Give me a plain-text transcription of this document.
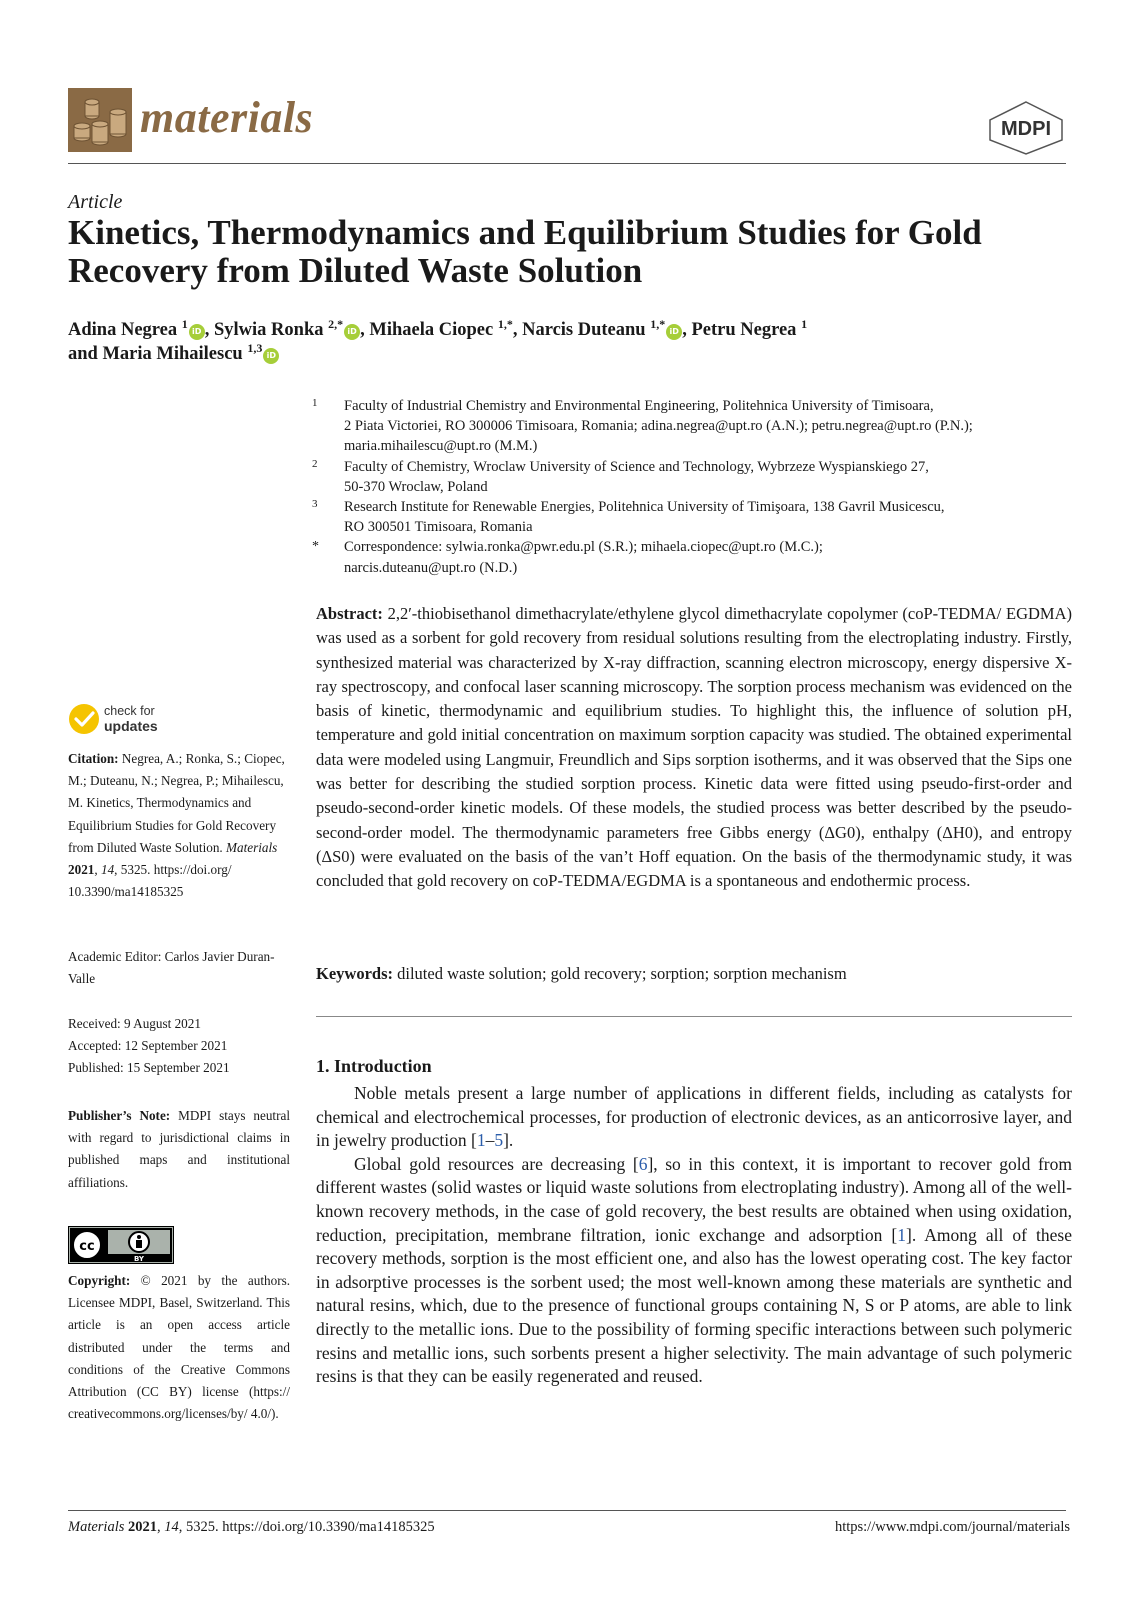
materials	MDPI
Article
Kinetics, Thermodynamics and Equilibrium Studies for Gold Recovery from Diluted Waste Solution
Adina Negrea $^1$iD , Sylwia Ronka $^{2,*}$iD , Mihaela Ciopec $^{1,*}$, Narcis Duteanu $^{1,*}$iD , Petru Negrea $^1$
and Maria Mihailescu $^{1,3}$iD
1 Faculty of Industrial Chemistry and Environmental Engineering, Politehnica University of Timisoara,
2 Piata Victoriei, RO 300006 Timisoara, Romania; adina.negrea@upt.ro (A.N.); petru.negrea@upt.ro (P.N.);
maria.mihailescu@upt.ro (M.M.)
2 Faculty of Chemistry, Wroclaw University of Science and Technology, Wybrzeze Wyspianskiego 27,
50-370 Wroclaw, Poland
3 Research Institute for Renewable Energies, Politehnica University of Timişoara, 138 Gavril Musicescu,
RO 300501 Timisoara, Romania
* Correspondence: sylwia.ronka@pwr.edu.pl (S.R.); mihaela.ciopec@upt.ro (M.C.);
narcis.duteanu@upt.ro (N.D.)
Abstract: 2,2′-thiobisethanol dimethacrylate/ethylene glycol dimethacrylate copolymer (coP-TEDMA/ EGDMA) was used as a sorbent for gold recovery from residual solutions resulting from the electroplating industry. Firstly, synthesized material was characterized by X-ray diffraction, scanning electron microscopy, energy dispersive X-ray spectroscopy, and confocal laser scanning microscopy. The sorption process mechanism was evidenced on the basis of kinetic, thermodynamic and equilibrium studies. To highlight this, the influence of solution pH, temperature and gold initial concentration on maximum sorption capacity was studied. The obtained experimental data were modeled using Langmuir, Freundlich and Sips sorption isotherms, and it was observed that the Sips one was better for describing the studied sorption process. Kinetic data were fitted using pseudo-first-order and pseudo-second-order kinetic models. Of these models, the studied process was better described by the pseudo-second-order model. The thermodynamic parameters free Gibbs energy (ΔG0), enthalpy (ΔH0), and entropy (ΔS0) were evaluated on the basis of the van’t Hoff equation. On the basis of the thermodynamic study, it was concluded that gold recovery on coP-TEDMA/EGDMA is a spontaneous and endothermic process.
Keywords: diluted waste solution; gold recovery; sorption; sorption mechanism
1. Introduction

Noble metals present a large number of applications in different fields, including as catalysts for chemical and electrochemical processes, for production of electronic devices, as an anticorrosive layer, and in jewelry production [1–5].

Global gold resources are decreasing [6], so in this context, it is important to recover gold from different wastes (solid wastes or liquid waste solutions from electroplating industry). Among all of the well-known recovery methods, in the case of gold recovery, the best results are obtained when using oxidation, reduction, precipitation, membrane filtration, ionic exchange and adsorption [1]. Among all of these recovery methods, sorption is the most efficient one, and also has the lowest operating cost. The key factor in adsorptive processes is the sorbent used; the most well-known among these materials are synthetic and natural resins, which, due to the presence of functional groups containing N, S or P atoms, are able to link directly to the metallic ions. Due to the possibility of forming specific interactions between such polymeric resins and metallic ions, such sorbents present a higher selectivity. The main advantage of such polymeric resins is that they can be easily regenerated and reused.

check for
updates
Citation: Negrea, A.; Ronka, S.; Ciopec, M.; Duteanu, N.; Negrea, P.; Mihailescu, M. Kinetics, Thermodynamics and Equilibrium Studies for Gold Recovery from Diluted Waste Solution. Materials 2021, 14, 5325. https://doi.org/ 10.3390/ma14185325
Academic Editor: Carlos Javier Duran-Valle
Received: 9 August 2021
Accepted: 12 September 2021
Published: 15 September 2021
Publisher’s Note: MDPI stays neutral with regard to jurisdictional claims in published maps and institutional affiliations.
cc
BY
Copyright: © 2021 by the authors. Licensee MDPI, Basel, Switzerland. This article is an open access article distributed under the terms and conditions of the Creative Commons Attribution (CC BY) license (https:// creativecommons.org/licenses/by/ 4.0/).
Materials 2021, 14, 5325. https://doi.org/10.3390/ma14185325	https://www.mdpi.com/journal/materials
